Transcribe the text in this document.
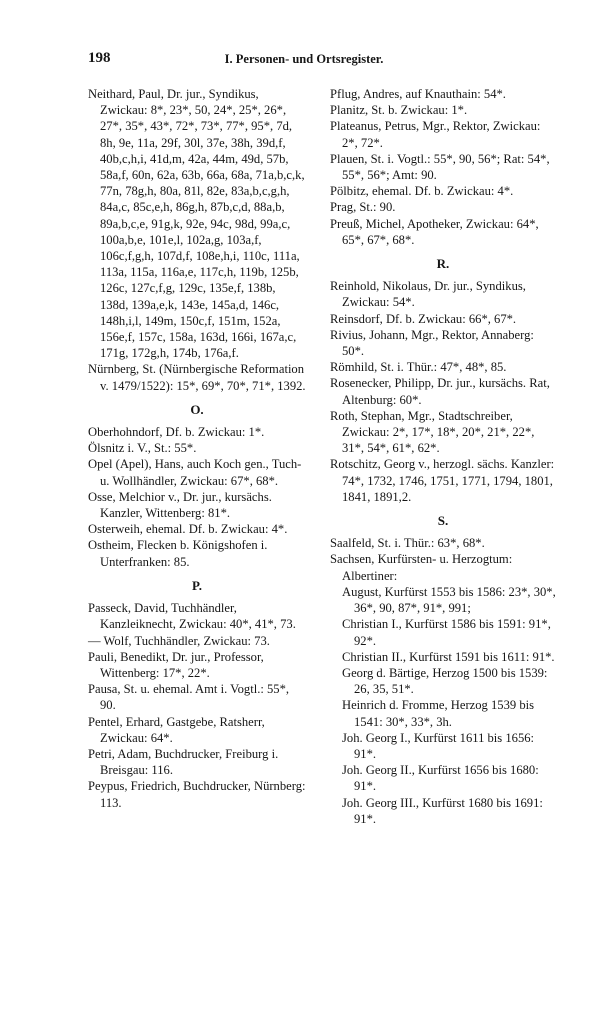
198	I. Personen- und Ortsregister.
Neithard, Paul, Dr. jur., Syndikus, Zwickau: 8*, 23*, 50, 24*, 25*, 26*, 27*, 35*, 43*, 72*, 73*, 77*, 95*, 7d, 8h, 9e, 11a, 29f, 30l, 37e, 38h, 39d,f, 40b,c,h,i, 41d,m, 42a, 44m, 49d, 57b, 58a,f, 60n, 62a, 63b, 66a, 68a, 71a,b,c,k, 77n, 78g,h, 80a, 81l, 82e, 83a,b,c,g,h, 84a,c, 85c,e,h, 86g,h, 87b,c,d, 88a,b, 89a,b,c,e, 91g,k, 92e, 94c, 98d, 99a,c, 100a,b,e, 101e,l, 102a,g, 103a,f, 106c,f,g,h, 107d,f, 108e,h,i, 110c, 111a, 113a, 115a, 116a,e, 117c,h, 119b, 125b, 126c, 127c,f,g, 129c, 135e,f, 138b, 138d, 139a,e,k, 143e, 145a,d, 146c, 148h,i,l, 149m, 150c,f, 151m, 152a, 156e,f, 157c, 158a, 163d, 166i, 167a,c, 171g, 172g,h, 174b, 176a,f.
Nürnberg, St. (Nürnbergische Reformation v. 1479/1522): 15*, 69*, 70*, 71*, 1392.
O.
Oberhohndorf, Df. b. Zwickau: 1*.
Ölsnitz i. V., St.: 55*.
Opel (Apel), Hans, auch Koch gen., Tuch- u. Wollhändler, Zwickau: 67*, 68*.
Osse, Melchior v., Dr. jur., kursächs. Kanzler, Wittenberg: 81*.
Osterweih, ehemal. Df. b. Zwickau: 4*.
Ostheim, Flecken b. Königshofen i. Unterfranken: 85.
P.
Passeck, David, Tuchhändler, Kanzleiknecht, Zwickau: 40*, 41*, 73.
— Wolf, Tuchhändler, Zwickau: 73.
Pauli, Benedikt, Dr. jur., Professor, Wittenberg: 17*, 22*.
Pausa, St. u. ehemal. Amt i. Vogtl.: 55*, 90.
Pentel, Erhard, Gastgebe, Ratsherr, Zwickau: 64*.
Petri, Adam, Buchdrucker, Freiburg i. Breisgau: 116.
Peypus, Friedrich, Buchdrucker, Nürnberg: 113.
Pflug, Andres, auf Knauthain: 54*.
Planitz, St. b. Zwickau: 1*.
Plateanus, Petrus, Mgr., Rektor, Zwickau: 2*, 72*.
Plauen, St. i. Vogtl.: 55*, 90, 56*; Rat: 54*, 55*, 56*; Amt: 90.
Pölbitz, ehemal. Df. b. Zwickau: 4*.
Prag, St.: 90.
Preuß, Michel, Apotheker, Zwickau: 64*, 65*, 67*, 68*.
R.
Reinhold, Nikolaus, Dr. jur., Syndikus, Zwickau: 54*.
Reinsdorf, Df. b. Zwickau: 66*, 67*.
Rivius, Johann, Mgr., Rektor, Annaberg: 50*.
Römhild, St. i. Thür.: 47*, 48*, 85.
Rosenecker, Philipp, Dr. jur., kursächs. Rat, Altenburg: 60*.
Roth, Stephan, Mgr., Stadtschreiber, Zwickau: 2*, 17*, 18*, 20*, 21*, 22*, 31*, 54*, 61*, 62*.
Rotschitz, Georg v., herzogl. sächs. Kanzler: 74*, 1732, 1746, 1751, 1771, 1794, 1801, 1841, 1891,2.
S.
Saalfeld, St. i. Thür.: 63*, 68*.
Sachsen, Kurfürsten- u. Herzogtum:
Albertiner:
August, Kurfürst 1553 bis 1586: 23*, 30*, 36*, 90, 87*, 91*, 991;
Christian I., Kurfürst 1586 bis 1591: 91*, 92*.
Christian II., Kurfürst 1591 bis 1611: 91*.
Georg d. Bärtige, Herzog 1500 bis 1539: 26, 35, 51*.
Heinrich d. Fromme, Herzog 1539 bis 1541: 30*, 33*, 3h.
Joh. Georg I., Kurfürst 1611 bis 1656: 91*.
Joh. Georg II., Kurfürst 1656 bis 1680: 91*.
Joh. Georg III., Kurfürst 1680 bis 1691: 91*.
